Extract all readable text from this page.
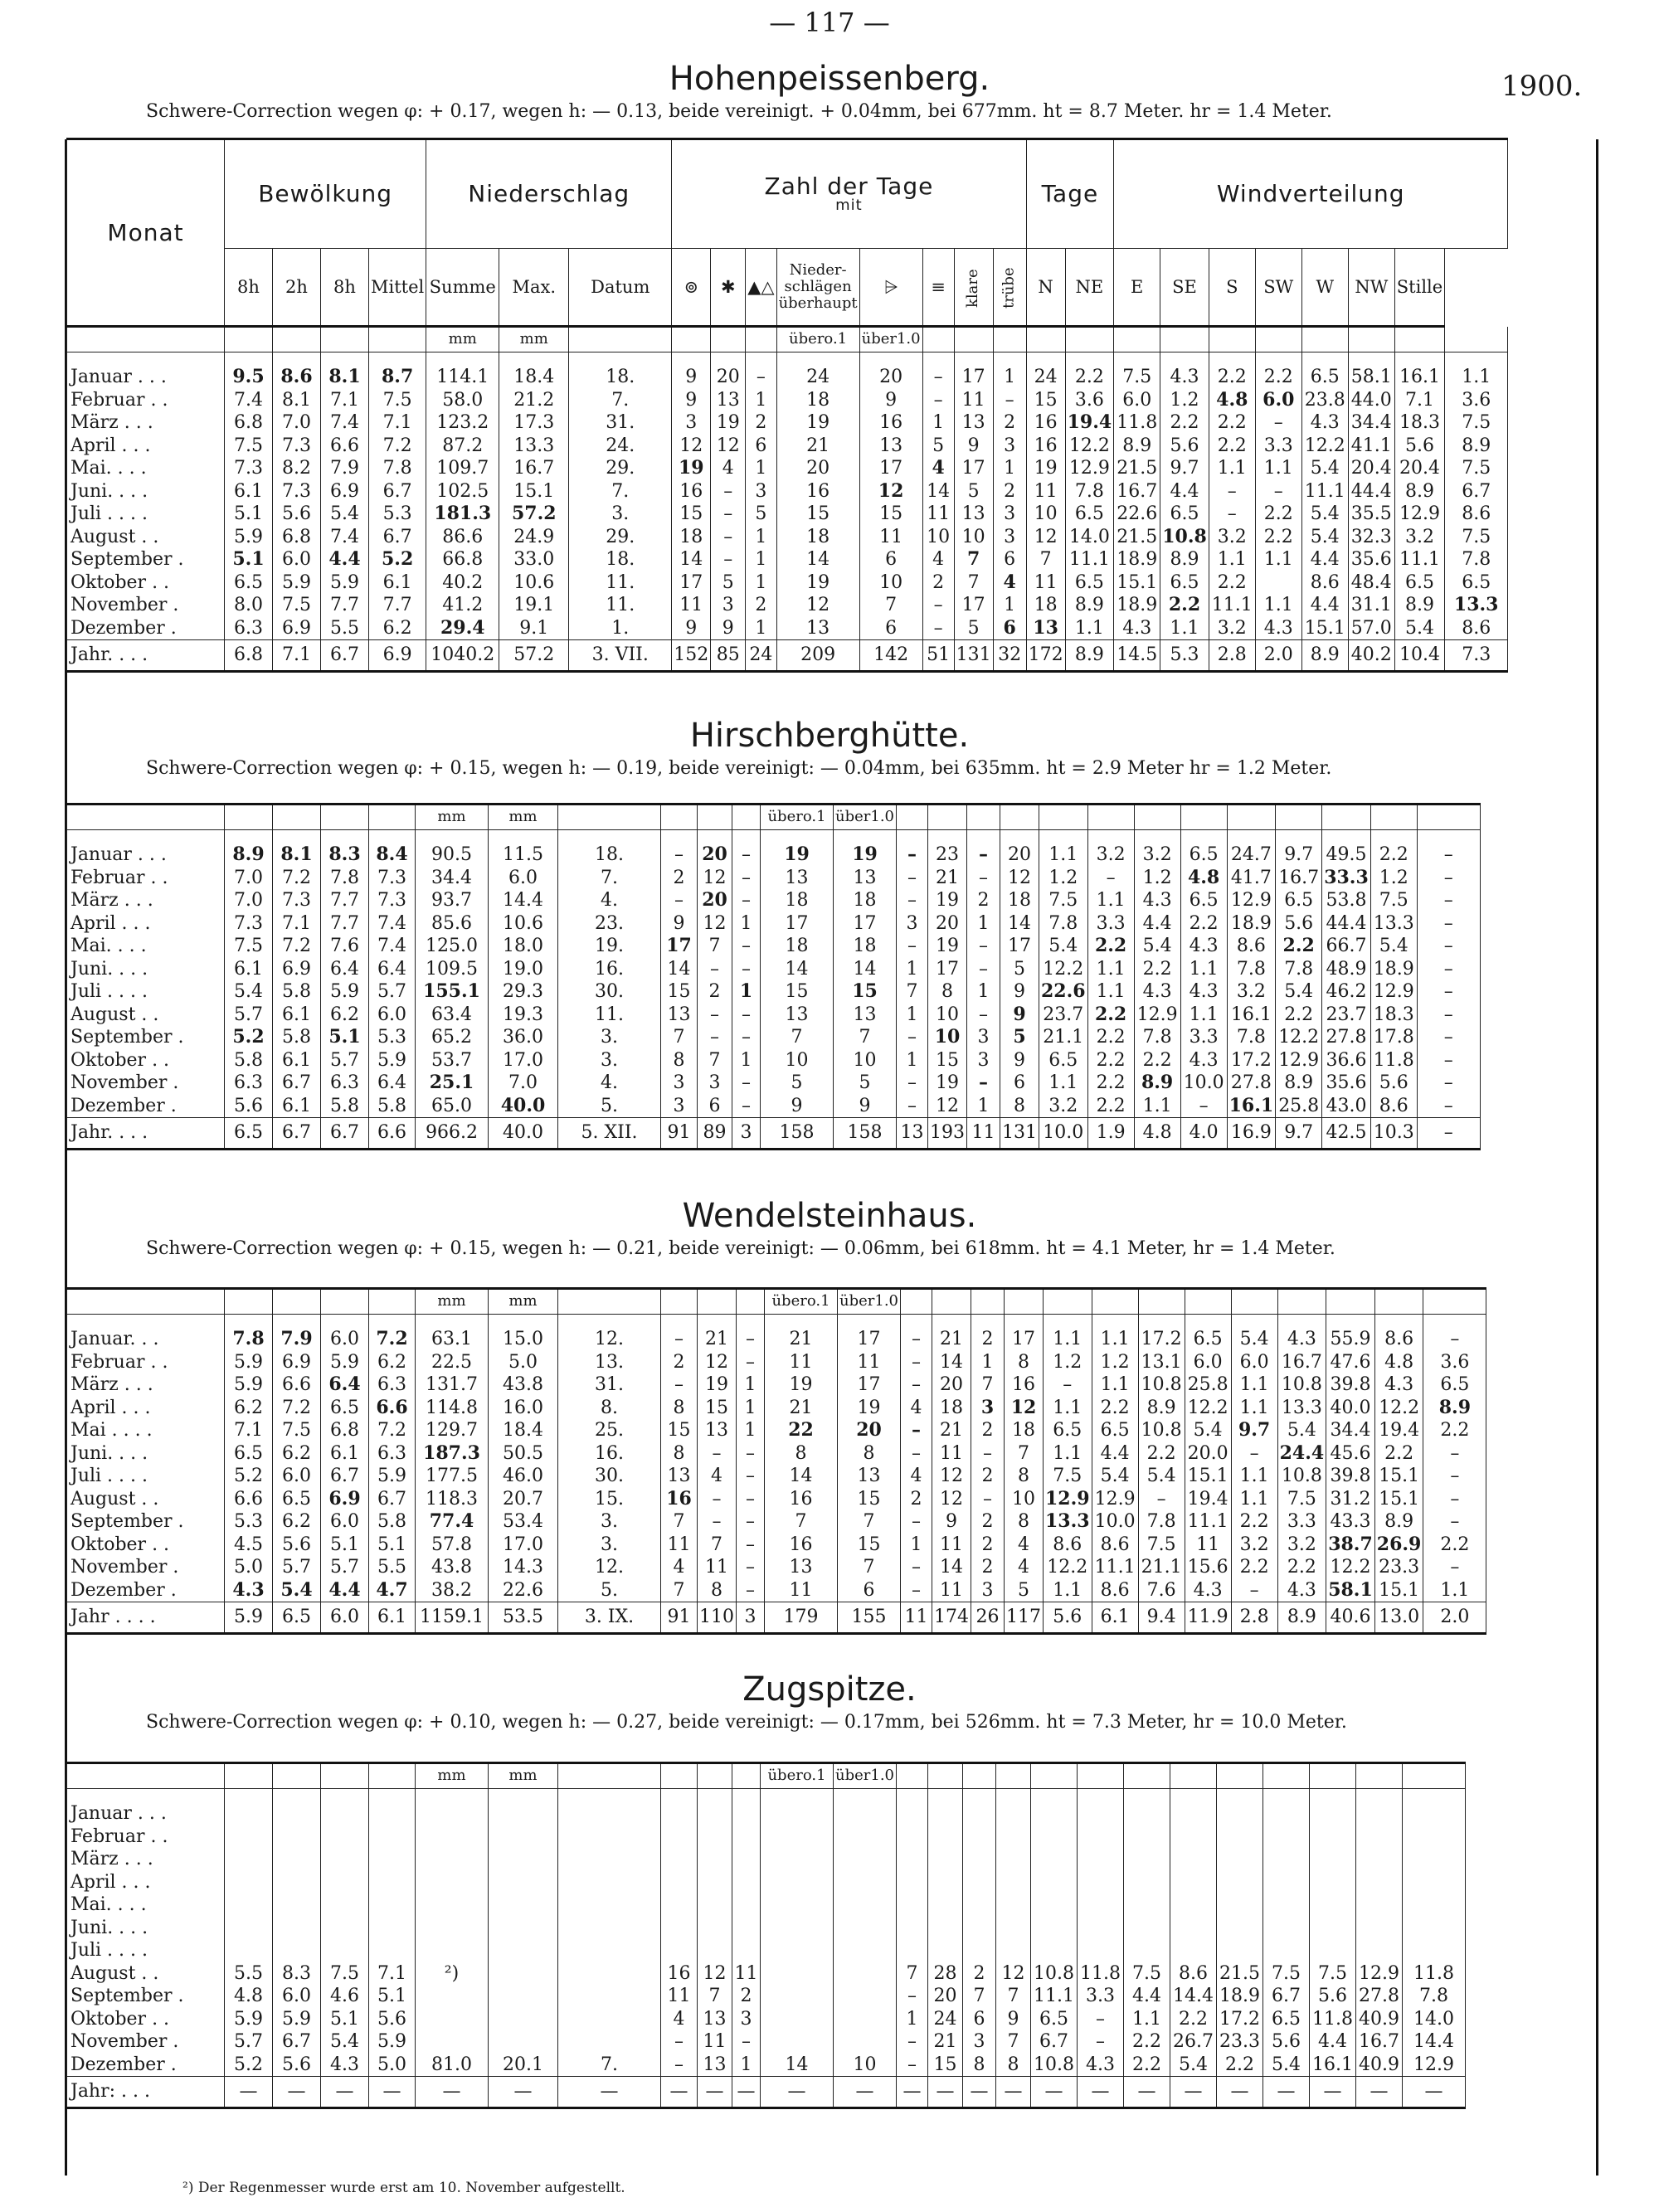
— 117 —
1900.
Hohenpeissenberg.
Schwere-Correction wegen φ: + 0.17, wegen h: — 0.13, beide vereinigt. + 0.04mm, bei 677mm. ht = 8.7 Meter. hr = 1.4 Meter.
Monat	Bewölkung				Niederschlag			Zahl der Tage
mit								Tage		Windverteilung							
	8h	2h	8h	Mittel	Summe	Max.	Datum	⊚	✱	▲△	Nieder-schlägen überhaupt	⩥	≡	klare	trübe	N	NE	E	SE	S	SW	W	NW	Stille	
					mm	mm					übero.1	über1.0													
Januar . . .	9.5	8.6	8.1	8.7	114.1	18.4	18.	9	20	–	24	20	–	17	1	24	2.2	7.5	4.3	2.2	2.2	6.5	58.1	16.1	1.1
Februar . .	7.4	8.1	7.1	7.5	58.0	21.2	7.	9	13	1	18	9	–	11	–	15	3.6	6.0	1.2	4.8	6.0	23.8	44.0	7.1	3.6
März . . .	6.8	7.0	7.4	7.1	123.2	17.3	31.	3	19	2	19	16	1	13	2	16	19.4	11.8	2.2	2.2	–	4.3	34.4	18.3	7.5
April . . .	7.5	7.3	6.6	7.2	87.2	13.3	24.	12	12	6	21	13	5	9	3	16	12.2	8.9	5.6	2.2	3.3	12.2	41.1	5.6	8.9
Mai. . . .	7.3	8.2	7.9	7.8	109.7	16.7	29.	19	4	1	20	17	4	17	1	19	12.9	21.5	9.7	1.1	1.1	5.4	20.4	20.4	7.5
Juni. . . .	6.1	7.3	6.9	6.7	102.5	15.1	7.	16	–	3	16	12	14	5	2	11	7.8	16.7	4.4	–	–	11.1	44.4	8.9	6.7
Juli . . . .	5.1	5.6	5.4	5.3	181.3	57.2	3.	15	–	5	15	15	11	13	3	10	6.5	22.6	6.5	–	2.2	5.4	35.5	12.9	8.6
August . .	5.9	6.8	7.4	6.7	86.6	24.9	29.	18	–	1	18	11	10	10	3	12	14.0	21.5	10.8	3.2	2.2	5.4	32.3	3.2	7.5
September .	5.1	6.0	4.4	5.2	66.8	33.0	18.	14	–	1	14	6	4	7	6	7	11.1	18.9	8.9	1.1	1.1	4.4	35.6	11.1	7.8
Oktober . .	6.5	5.9	5.9	6.1	40.2	10.6	11.	17	5	1	19	10	2	7	4	11	6.5	15.1	6.5	2.2		8.6	48.4	6.5	6.5
November .	8.0	7.5	7.7	7.7	41.2	19.1	11.	11	3	2	12	7	–	17	1	18	8.9	18.9	2.2	11.1	1.1	4.4	31.1	8.9	13.3
Dezember .	6.3	6.9	5.5	6.2	29.4	9.1	1.	9	9	1	13	6	–	5	6	13	1.1	4.3	1.1	3.2	4.3	15.1	57.0	5.4	8.6
Jahr. . . .	6.8	7.1	6.7	6.9	1040.2	57.2	3. VII.	152	85	24	209	142	51	131	32	172	8.9	14.5	5.3	2.8	2.0	8.9	40.2	10.4	7.3
Hirschberghütte.
Schwere-Correction wegen φ: + 0.15, wegen h: — 0.19, beide vereinigt: — 0.04mm, bei 635mm. ht = 2.9 Meter hr = 1.2 Meter.
					mm	mm					übero.1	über1.0													
Januar . . .	8.9	8.1	8.3	8.4	90.5	11.5	18.	–	20	–	19	19	–	23	–	20	1.1	3.2	3.2	6.5	24.7	9.7	49.5	2.2	–
Februar . .	7.0	7.2	7.8	7.3	34.4	6.0	7.	2	12	–	13	13	–	21	–	12	1.2	–	1.2	4.8	41.7	16.7	33.3	1.2	–
März . . .	7.0	7.3	7.7	7.3	93.7	14.4	4.	–	20	–	18	18	–	19	2	18	7.5	1.1	4.3	6.5	12.9	6.5	53.8	7.5	–
April . . .	7.3	7.1	7.7	7.4	85.6	10.6	23.	9	12	1	17	17	3	20	1	14	7.8	3.3	4.4	2.2	18.9	5.6	44.4	13.3	–
Mai. . . .	7.5	7.2	7.6	7.4	125.0	18.0	19.	17	7	–	18	18	–	19	–	17	5.4	2.2	5.4	4.3	8.6	2.2	66.7	5.4	–
Juni. . . .	6.1	6.9	6.4	6.4	109.5	19.0	16.	14	–	–	14	14	1	17	–	5	12.2	1.1	2.2	1.1	7.8	7.8	48.9	18.9	–
Juli . . . .	5.4	5.8	5.9	5.7	155.1	29.3	30.	15	2	1	15	15	7	8	1	9	22.6	1.1	4.3	4.3	3.2	5.4	46.2	12.9	–
August . .	5.7	6.1	6.2	6.0	63.4	19.3	11.	13	–	–	13	13	1	10	–	9	23.7	2.2	12.9	1.1	16.1	2.2	23.7	18.3	–
September .	5.2	5.8	5.1	5.3	65.2	36.0	3.	7	–	–	7	7	–	10	3	5	21.1	2.2	7.8	3.3	7.8	12.2	27.8	17.8	–
Oktober . .	5.8	6.1	5.7	5.9	53.7	17.0	3.	8	7	1	10	10	1	15	3	9	6.5	2.2	2.2	4.3	17.2	12.9	36.6	11.8	–
November .	6.3	6.7	6.3	6.4	25.1	7.0	4.	3	3	–	5	5	–	19	–	6	1.1	2.2	8.9	10.0	27.8	8.9	35.6	5.6	–
Dezember .	5.6	6.1	5.8	5.8	65.0	40.0	5.	3	6	–	9	9	–	12	1	8	3.2	2.2	1.1	–	16.1	25.8	43.0	8.6	–
Jahr. . . .	6.5	6.7	6.7	6.6	966.2	40.0	5. XII.	91	89	3	158	158	13	193	11	131	10.0	1.9	4.8	4.0	16.9	9.7	42.5	10.3	–
Wendelsteinhaus.
Schwere-Correction wegen φ: + 0.15, wegen h: — 0.21, beide vereinigt: — 0.06mm, bei 618mm. ht = 4.1 Meter, hr = 1.4 Meter.
					mm	mm					übero.1	über1.0													
Januar. . .	7.8	7.9	6.0	7.2	63.1	15.0	12.	–	21	–	21	17	–	21	2	17	1.1	1.1	17.2	6.5	5.4	4.3	55.9	8.6	–
Februar . .	5.9	6.9	5.9	6.2	22.5	5.0	13.	2	12	–	11	11	–	14	1	8	1.2	1.2	13.1	6.0	6.0	16.7	47.6	4.8	3.6
März . . .	5.9	6.6	6.4	6.3	131.7	43.8	31.	–	19	1	19	17	–	20	7	16	–	1.1	10.8	25.8	1.1	10.8	39.8	4.3	6.5
April . . .	6.2	7.2	6.5	6.6	114.8	16.0	8.	8	15	1	21	19	4	18	3	12	1.1	2.2	8.9	12.2	1.1	13.3	40.0	12.2	8.9
Mai . . . .	7.1	7.5	6.8	7.2	129.7	18.4	25.	15	13	1	22	20	–	21	2	18	6.5	6.5	10.8	5.4	9.7	5.4	34.4	19.4	2.2
Juni. . . .	6.5	6.2	6.1	6.3	187.3	50.5	16.	8	–	–	8	8	–	11	–	7	1.1	4.4	2.2	20.0	–	24.4	45.6	2.2	–
Juli . . . .	5.2	6.0	6.7	5.9	177.5	46.0	30.	13	4	–	14	13	4	12	2	8	7.5	5.4	5.4	15.1	1.1	10.8	39.8	15.1	–
August . .	6.6	6.5	6.9	6.7	118.3	20.7	15.	16	–	–	16	15	2	12	–	10	12.9	12.9	–	19.4	1.1	7.5	31.2	15.1	–
September .	5.3	6.2	6.0	5.8	77.4	53.4	3.	7	–	–	7	7	–	9	2	8	13.3	10.0	7.8	11.1	2.2	3.3	43.3	8.9	–
Oktober . .	4.5	5.6	5.1	5.1	57.8	17.0	3.	11	7	–	16	15	1	11	2	4	8.6	8.6	7.5	11	3.2	3.2	38.7	26.9	2.2
November .	5.0	5.7	5.7	5.5	43.8	14.3	12.	4	11	–	13	7	–	14	2	4	12.2	11.1	21.1	15.6	2.2	2.2	12.2	23.3	–
Dezember .	4.3	5.4	4.4	4.7	38.2	22.6	5.	7	8	–	11	6	–	11	3	5	1.1	8.6	7.6	4.3	–	4.3	58.1	15.1	1.1
Jahr . . . .	5.9	6.5	6.0	6.1	1159.1	53.5	3. IX.	91	110	3	179	155	11	174	26	117	5.6	6.1	9.4	11.9	2.8	8.9	40.6	13.0	2.0
Zugspitze.
Schwere-Correction wegen φ: + 0.10, wegen h: — 0.27, beide vereinigt: — 0.17mm, bei 526mm. ht = 7.3 Meter, hr = 10.0 Meter.
					mm	mm					übero.1	über1.0													
Januar . . .																									
Februar . .																									
März . . .																									
April . . .																									
Mai. . . .																									
Juni. . . .																									
Juli . . . .																									
August . .	5.5	8.3	7.5	7.1	²)			16	12	11			7	28	2	12	10.8	11.8	7.5	8.6	21.5	7.5	7.5	12.9	11.8
September .	4.8	6.0	4.6	5.1				11	7	2			–	20	7	7	11.1	3.3	4.4	14.4	18.9	6.7	5.6	27.8	7.8
Oktober . .	5.9	5.9	5.1	5.6				4	13	3			1	24	6	9	6.5	–	1.1	2.2	17.2	6.5	11.8	40.9	14.0
November .	5.7	6.7	5.4	5.9				–	11	–			–	21	3	7	6.7	–	2.2	26.7	23.3	5.6	4.4	16.7	14.4
Dezember .	5.2	5.6	4.3	5.0	81.0	20.1	7.	–	13	1	14	10	–	15	8	8	10.8	4.3	2.2	5.4	2.2	5.4	16.1	40.9	12.9
Jahr: . . .	—	—	—	—	—	—	—	—	—	—	—	—	—	—	—	—	—	—	—	—	—	—	—	—	—
²) Der Regenmesser wurde erst am 10. November aufgestellt.
